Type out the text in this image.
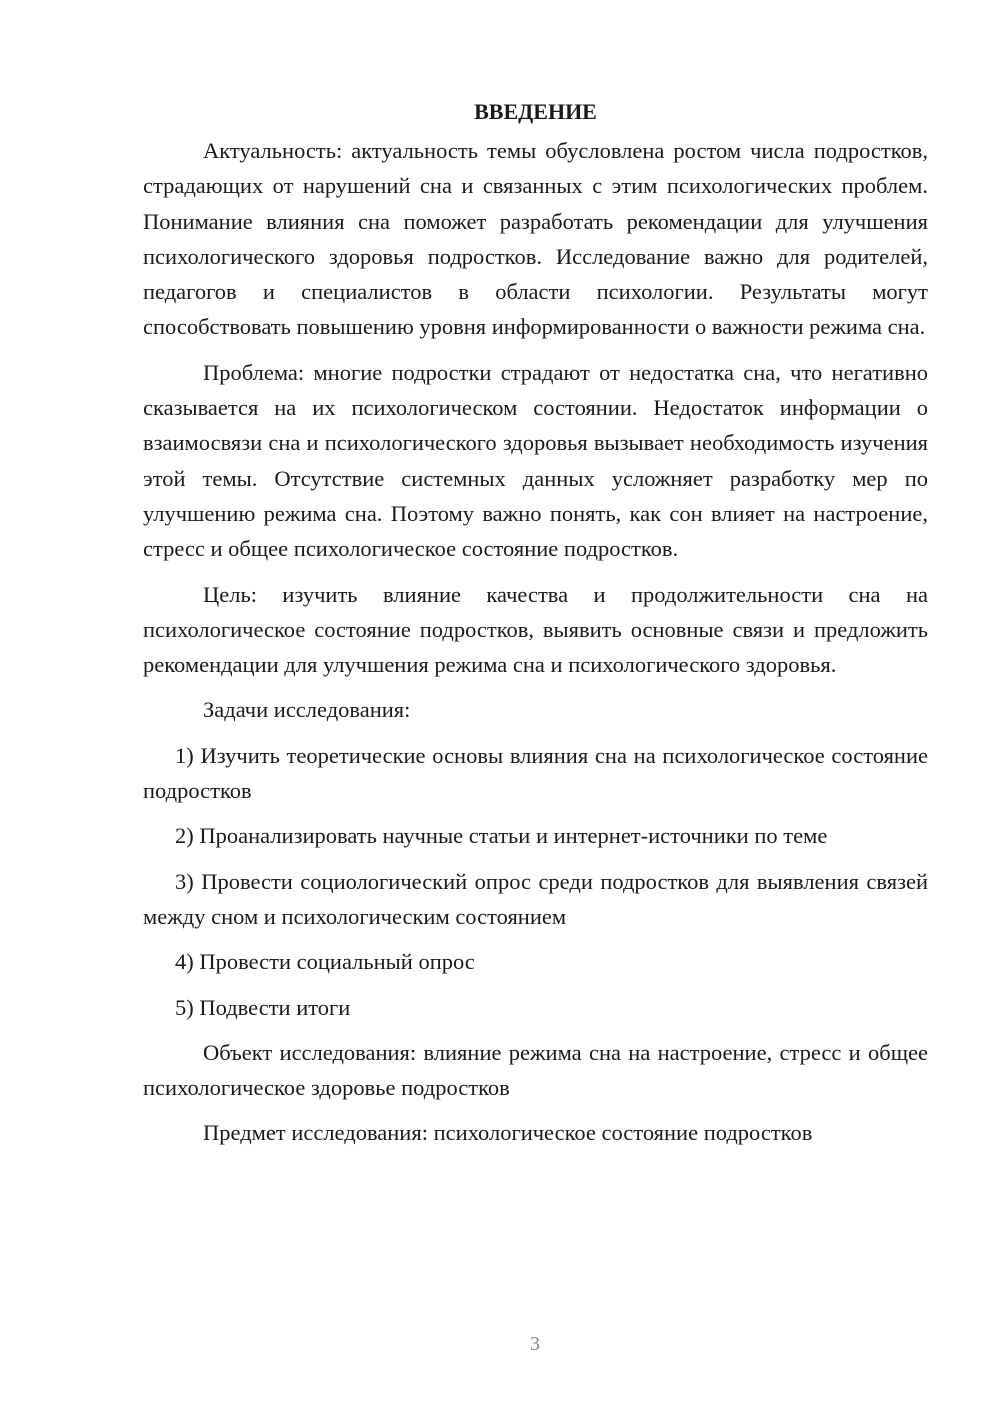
ВВЕДЕНИЕ

Актуальность: актуальность темы обусловлена ростом числа подростков, страдающих от нарушений сна и связанных с этим психологических проблем. Понимание влияния сна поможет разработать рекомендации для улучшения психологического здоровья подростков. Исследование важно для родителей, педагогов и специалистов в области психологии. Результаты могут способствовать повышению уровня информированности о важности режима сна.

Проблема: многие подростки страдают от недостатка сна, что негативно сказывается на их психологическом состоянии. Недостаток информации о взаимосвязи сна и психологического здоровья вызывает необходимость изучения этой темы. Отсутствие системных данных усложняет разработку мер по улучшению режима сна. Поэтому важно понять, как сон влияет на настроение, стресс и общее психологическое состояние подростков.

Цель: изучить влияние качества и продолжительности сна на психологическое состояние подростков, выявить основные связи и предложить рекомендации для улучшения режима сна и психологического здоровья.

Задачи исследования:

1) Изучить теоретические основы влияния сна на психологическое состояние подростков

2) Проанализировать научные статьи и интернет-источники по теме

3) Провести социологический опрос среди подростков для выявления связей между сном и психологическим состоянием

4) Провести социальный опрос

5) Подвести итоги

Объект исследования: влияние режима сна на настроение, стресс и общее психологическое здоровье подростков

Предмет исследования: психологическое состояние подростков

3
